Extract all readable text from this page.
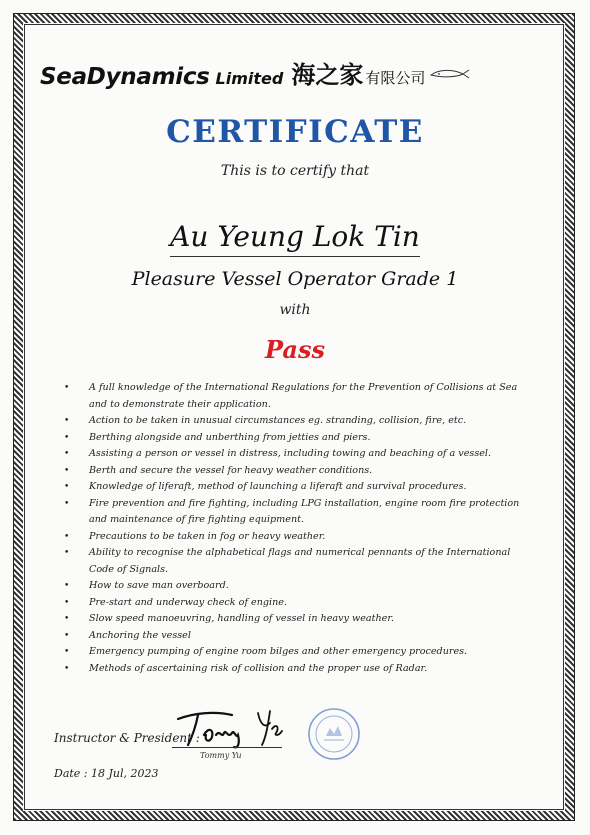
SeaDynamics Limited 海之家 有限公司
CERTIFICATE
This is to certify that
Au Yeung Lok Tin
Pleasure Vessel Operator Grade 1
with
Pass
• A full knowledge of the International Regulations for the Prevention of Collisions at Sea and to demonstrate their application.
• Action to be taken in unusual circumstances eg. stranding, collision, fire, etc.
• Berthing alongside and unberthing from jetties and piers.
• Assisting a person or vessel in distress, including towing and beaching of a vessel.
• Berth and secure the vessel for heavy weather conditions.
• Knowledge of liferaft, method of launching a liferaft and survival procedures.
• Fire prevention and fire fighting, including LPG installation, engine room fire protection and maintenance of fire fighting equipment.
• Precautions to be taken in fog or heavy weather.
• Ability to recognise the alphabetical flags and numerical pennants of the International Code of Signals.
• How to save man overboard.
• Pre-start and underway check of engine.
• Slow speed manoeuvring, handling of vessel in heavy weather.
• Anchoring the vessel
• Emergency pumping of engine room bilges and other emergency procedures.
• Methods of ascertaining risk of collision and the proper use of Radar.
Instructor & President :
Tommy Yu
Date : 18 Jul, 2023
